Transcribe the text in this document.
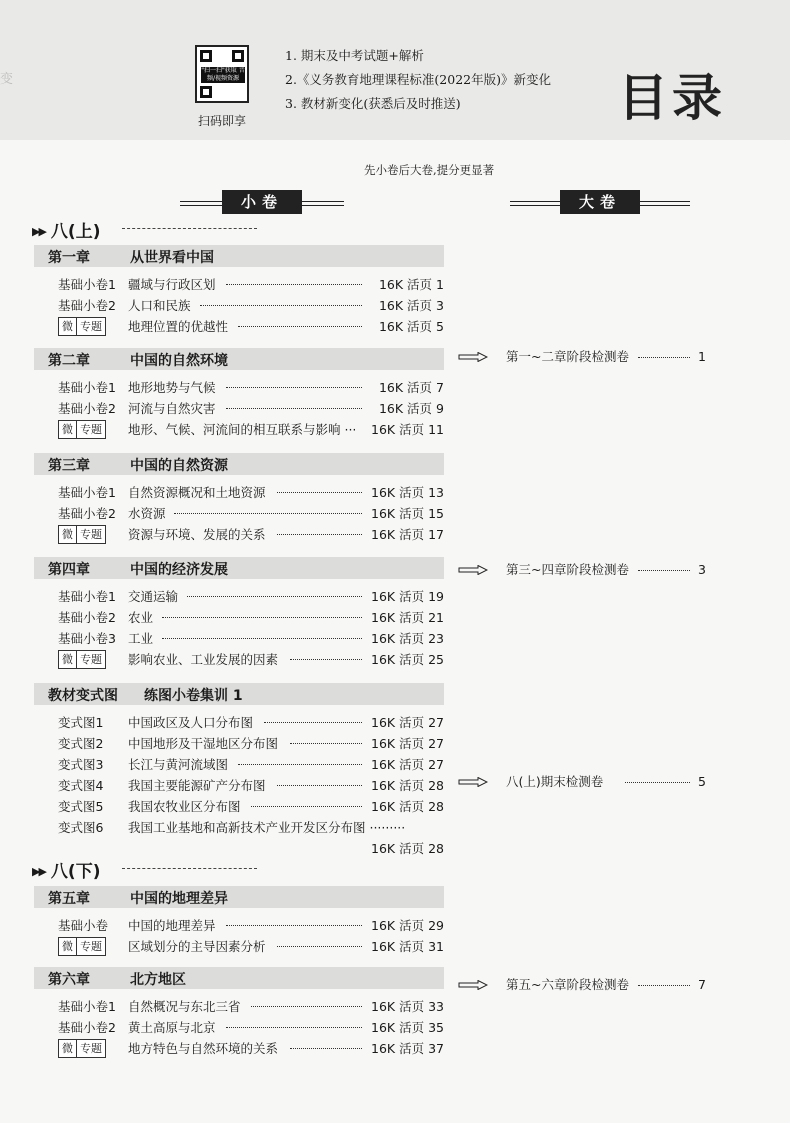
变
"扫一扫"获取 音频/视频资源
扫码即享
1. 期末及中考试题+解析
2.《义务教育地理课程标准(2022年版)》新变化
3. 教材新变化(获悉后及时推送)	目录
先小卷后大卷,提分更显著
小卷	大卷
▶▶ 八(上)
第一章	从世界看中国
基础小卷1 疆域与行政区划	16K 活页 1
基础小卷2 人口和民族	16K 活页 3
微 专题 地理位置的优越性	16K 活页 5
第二章	中国的自然环境
基础小卷1 地形地势与气候	16K 活页 7
基础小卷2 河流与自然灾害	16K 活页 9
微 专题 地形、气候、河流间的相互联系与影响 ··· 16K 活页 11
第三章	中国的自然资源
基础小卷1 自然资源概况和土地资源	16K 活页 13
基础小卷2 水资源	16K 活页 15
微 专题 资源与环境、发展的关系	16K 活页 17
第四章	中国的经济发展
基础小卷1 交通运输	16K 活页 19
基础小卷2 农业	16K 活页 21
基础小卷3 工业	16K 活页 23
微 专题 影响农业、工业发展的因素	16K 活页 25
教材变式图 练图小卷集训 1
变式图1 中国政区及人口分布图	16K 活页 27
变式图2 中国地形及干湿地区分布图	16K 活页 27
变式图3 长江与黄河流域图	16K 活页 27
变式图4 我国主要能源矿产分布图	16K 活页 28
变式图5 我国农牧业区分布图	16K 活页 28
变式图6 我国工业基地和高新技术产业开发区分布图 ·········
16K 活页 28
▶▶ 八(下)
第五章	中国的地理差异
基础小卷 中国的地理差异	16K 活页 29
微 专题 区域划分的主导因素分析	16K 活页 31
第六章	北方地区
基础小卷1 自然概况与东北三省	16K 活页 33
基础小卷2 黄土高原与北京	16K 活页 35
微 专题 地方特色与自然环境的关系	16K 活页 37
第一~二章阶段检测卷	1
第三~四章阶段检测卷	3
八(上)期末检测卷	5
第五~六章阶段检测卷	7
